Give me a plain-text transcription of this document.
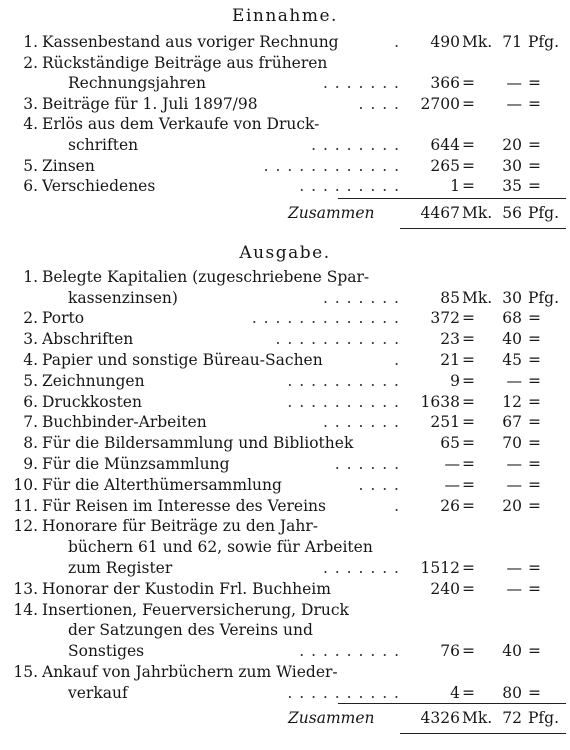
Einnahme.
1. Kassenbestand aus voriger Rechnung	.	490 Mk. 71 Pfg.
2. Rückständige Beiträge aus früheren
Rechnungsjahren	. . . . . . .	366 =	— =
3. Beiträge für 1. Juli 1897/98	. . . .	2700 =	— =
4. Erlös aus dem Verkaufe von Druck-
schriften	. . . . . . . .	644 =	20 =
5. Zinsen	. . . . . . . . . . . .	265 =	30 =
6. Verschiedenes	. . . . . . . . .	1 =	35 =
Zusammen	4467 Mk. 56 Pfg.
Ausgabe.
1. Belegte Kapitalien (zugeschriebene Spar-
kassenzinsen)	. . . . . . .	85 Mk. 30 Pfg.
2. Porto	. . . . . . . . . . . . .	372 =	68 =
3. Abschriften	. . . . . . . . . . .	23 =	40 =
4. Papier und sonstige Büreau-Sachen	.	21 =	45 =
5. Zeichnungen	. . . . . . . . . .	9 =	— =
6. Druckkosten	. . . . . . . . . .	1638 =	12 =
7. Buchbinder-Arbeiten	. . . . . . .	251 =	67 =
8. Für die Bildersammlung und Bibliothek	65 =	70 =
9. Für die Münzsammlung	. . . . . .	— =	— =
10. Für die Alterthümersammlung	. . . .	— =	— =
11. Für Reisen im Interesse des Vereins	.	26 =	20 =
12. Honorare für Beiträge zu den Jahr-
büchern 61 und 62, sowie für Arbeiten
zum Register	. . . . . . .	1512 =	— =
13. Honorar der Kustodin Frl. Buchheim	240 =	— =
14. Insertionen, Feuerversicherung, Druck
der Satzungen des Vereins und
Sonstiges	. . . . . . . . .	76 =	40 =
15. Ankauf von Jahrbüchern zum Wieder-
verkauf	. . . . . . . . . .	4 =	80 =
Zusammen	4326 Mk. 72 Pfg.
